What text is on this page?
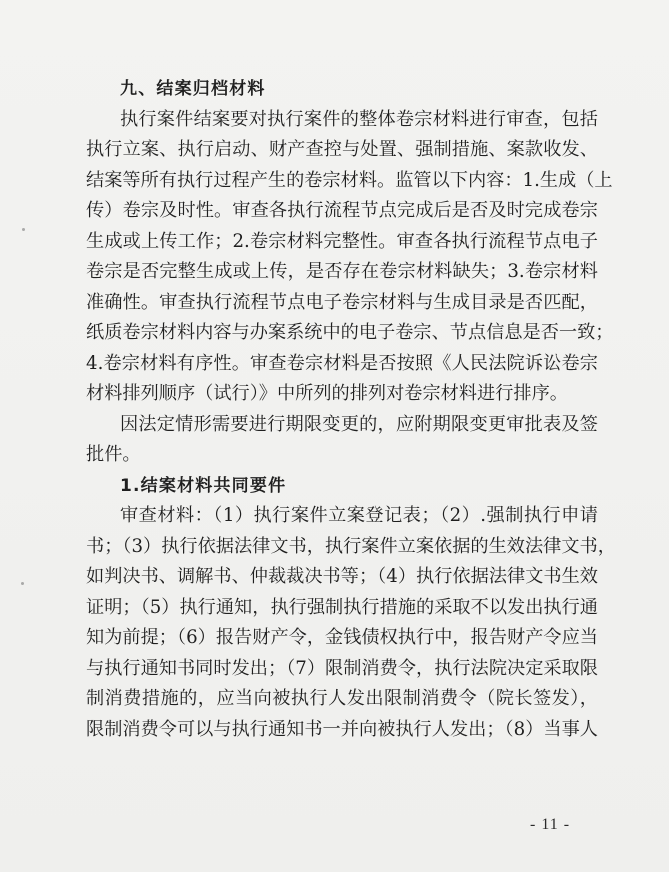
九、结案归档材料
执行案件结案要对执行案件的整体卷宗材料进行审查，包括
执行立案、执行启动、财产查控与处置、强制措施、案款收发、
结案等所有执行过程产生的卷宗材料。监管以下内容：1.生成（上
传）卷宗及时性。审查各执行流程节点完成后是否及时完成卷宗
生成或上传工作；2.卷宗材料完整性。审查各执行流程节点电子
卷宗是否完整生成或上传，是否存在卷宗材料缺失；3.卷宗材料
准确性。审查执行流程节点电子卷宗材料与生成目录是否匹配，
纸质卷宗材料内容与办案系统中的电子卷宗、节点信息是否一致；
4.卷宗材料有序性。审查卷宗材料是否按照《人民法院诉讼卷宗
材料排列顺序（试行）》中所列的排列对卷宗材料进行排序。
因法定情形需要进行期限变更的，应附期限变更审批表及签
批件。
1.结案材料共同要件
审查材料：（1）执行案件立案登记表；（2）.强制执行申请
书；（3）执行依据法律文书，执行案件立案依据的生效法律文书，
如判决书、调解书、仲裁裁决书等；（4）执行依据法律文书生效
证明；（5）执行通知，执行强制执行措施的采取不以发出执行通
知为前提；（6）报告财产令，金钱债权执行中，报告财产令应当
与执行通知书同时发出；（7）限制消费令，执行法院决定采取限
制消费措施的，应当向被执行人发出限制消费令（院长签发），
限制消费令可以与执行通知书一并向被执行人发出；（8）当事人
- 11 -
